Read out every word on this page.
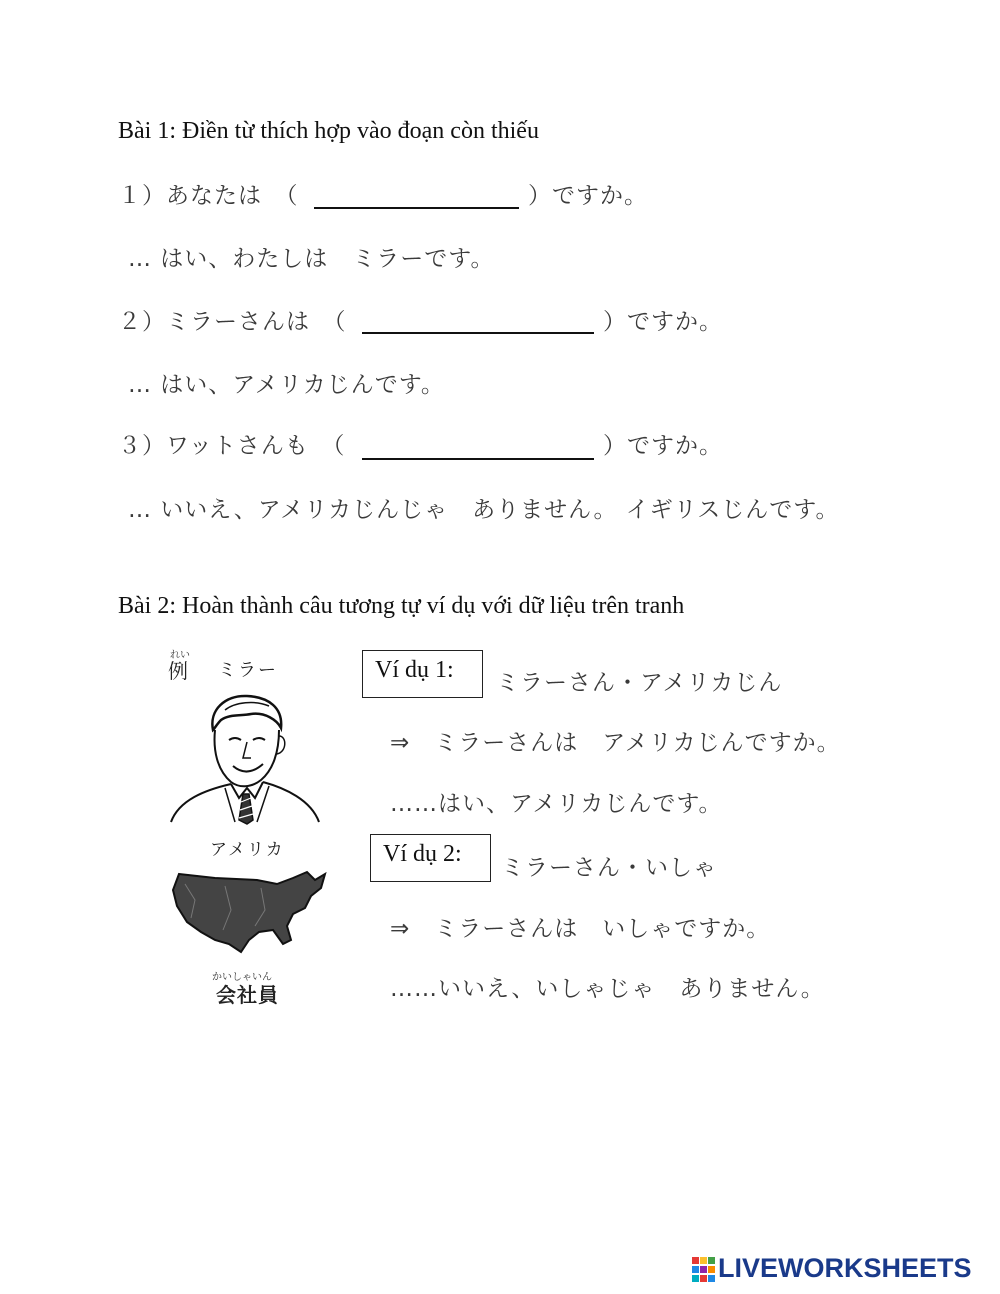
Bài 1: Điền từ thích hợp vào đoạn còn thiếu
１）あなたは　（	）ですか。
… はい、わたしは　ミラーです。
２）ミラーさんは　（	）ですか。
… はい、アメリカじんです。
３）ワットさんも　（	）ですか。
… いいえ、アメリカじんじゃ　ありません。 イギリスじんです。
Bài 2: Hoàn thành câu tương tự ví dụ với dữ liệu trên tranh
れい
例 ミラー
アメリカ
かいしゃいん
会社員
Ví dụ 1:	ミラーさん・アメリカじん
⇒　ミラーさんは　アメリカじんですか。
……はい、アメリカじんです。
Ví dụ 2:
ミラーさん・いしゃ
⇒　ミラーさんは　いしゃですか。
……いいえ、いしゃじゃ　ありません。
LIVEWORKSHEETS
